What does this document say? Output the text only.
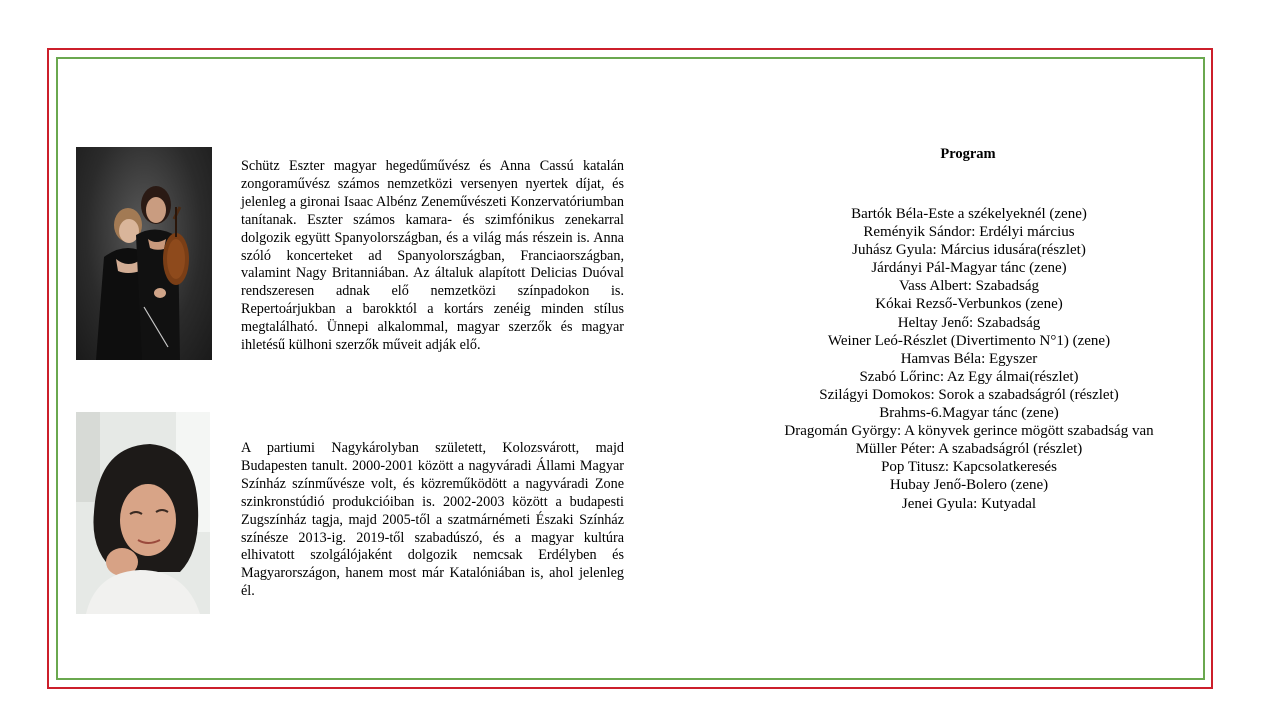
Schütz Eszter magyar hegedűművész és Anna Cassú katalán zongoraművész számos nemzetközi versenyen nyertek díjat, és jelenleg a gironai Isaac Albénz Zeneművészeti Konzervatóriumban tanítanak. Eszter számos kamara- és szimfónikus zenekarral dolgozik együtt Spanyolországban, és a világ más részein is. Anna szóló koncerteket ad Spanyolországban, Franciaországban, valamint Nagy Britanniában. Az általuk alapított Delicias Duóval rendszeresen adnak elő nemzetközi színpadokon is. Repertoárjukban a barokktól a kortárs zenéig minden stílus megtalálható. Ünnepi alkalommal, magyar szerzők és magyar ihletésű külhoni szerzők műveit adják elő.
A partiumi Nagykárolyban született, Kolozsvárott, majd Budapesten tanult. 2000-2001 között a nagyváradi Állami Magyar Színház színművésze volt, és közreműködött a nagyváradi Zone szinkronstúdió produkcióiban is. 2002-2003 között a budapesti Zugszínház tagja, majd 2005-től a szatmárnémeti Északi Színház színésze 2013-ig. 2019-től szabadúszó, és a magyar kultúra elhivatott szolgálójaként dolgozik nemcsak Erdélyben és Magyarországon, hanem most már Katalóniában is, ahol jelenleg él.
Program
Bartók Béla-Este a székelyeknél (zene)
Reményik Sándor: Erdélyi március
Juhász Gyula: Március idusára(részlet)
Járdányi Pál-Magyar tánc (zene)
Vass Albert: Szabadság
Kókai Rezső-Verbunkos (zene)
Heltay Jenő: Szabadság
Weiner Leó-Részlet (Divertimento N°1) (zene)
Hamvas Béla: Egyszer
Szabó Lőrinc: Az Egy álmai(részlet)
Szilágyi Domokos: Sorok a szabadságról (részlet)
Brahms-6.Magyar tánc (zene)
Dragomán György: A könyvek gerince mögött szabadság van
Müller Péter: A szabadságról (részlet)
Pop Titusz: Kapcsolatkeresés
Hubay Jenő-Bolero (zene)
Jenei Gyula: Kutyadal
